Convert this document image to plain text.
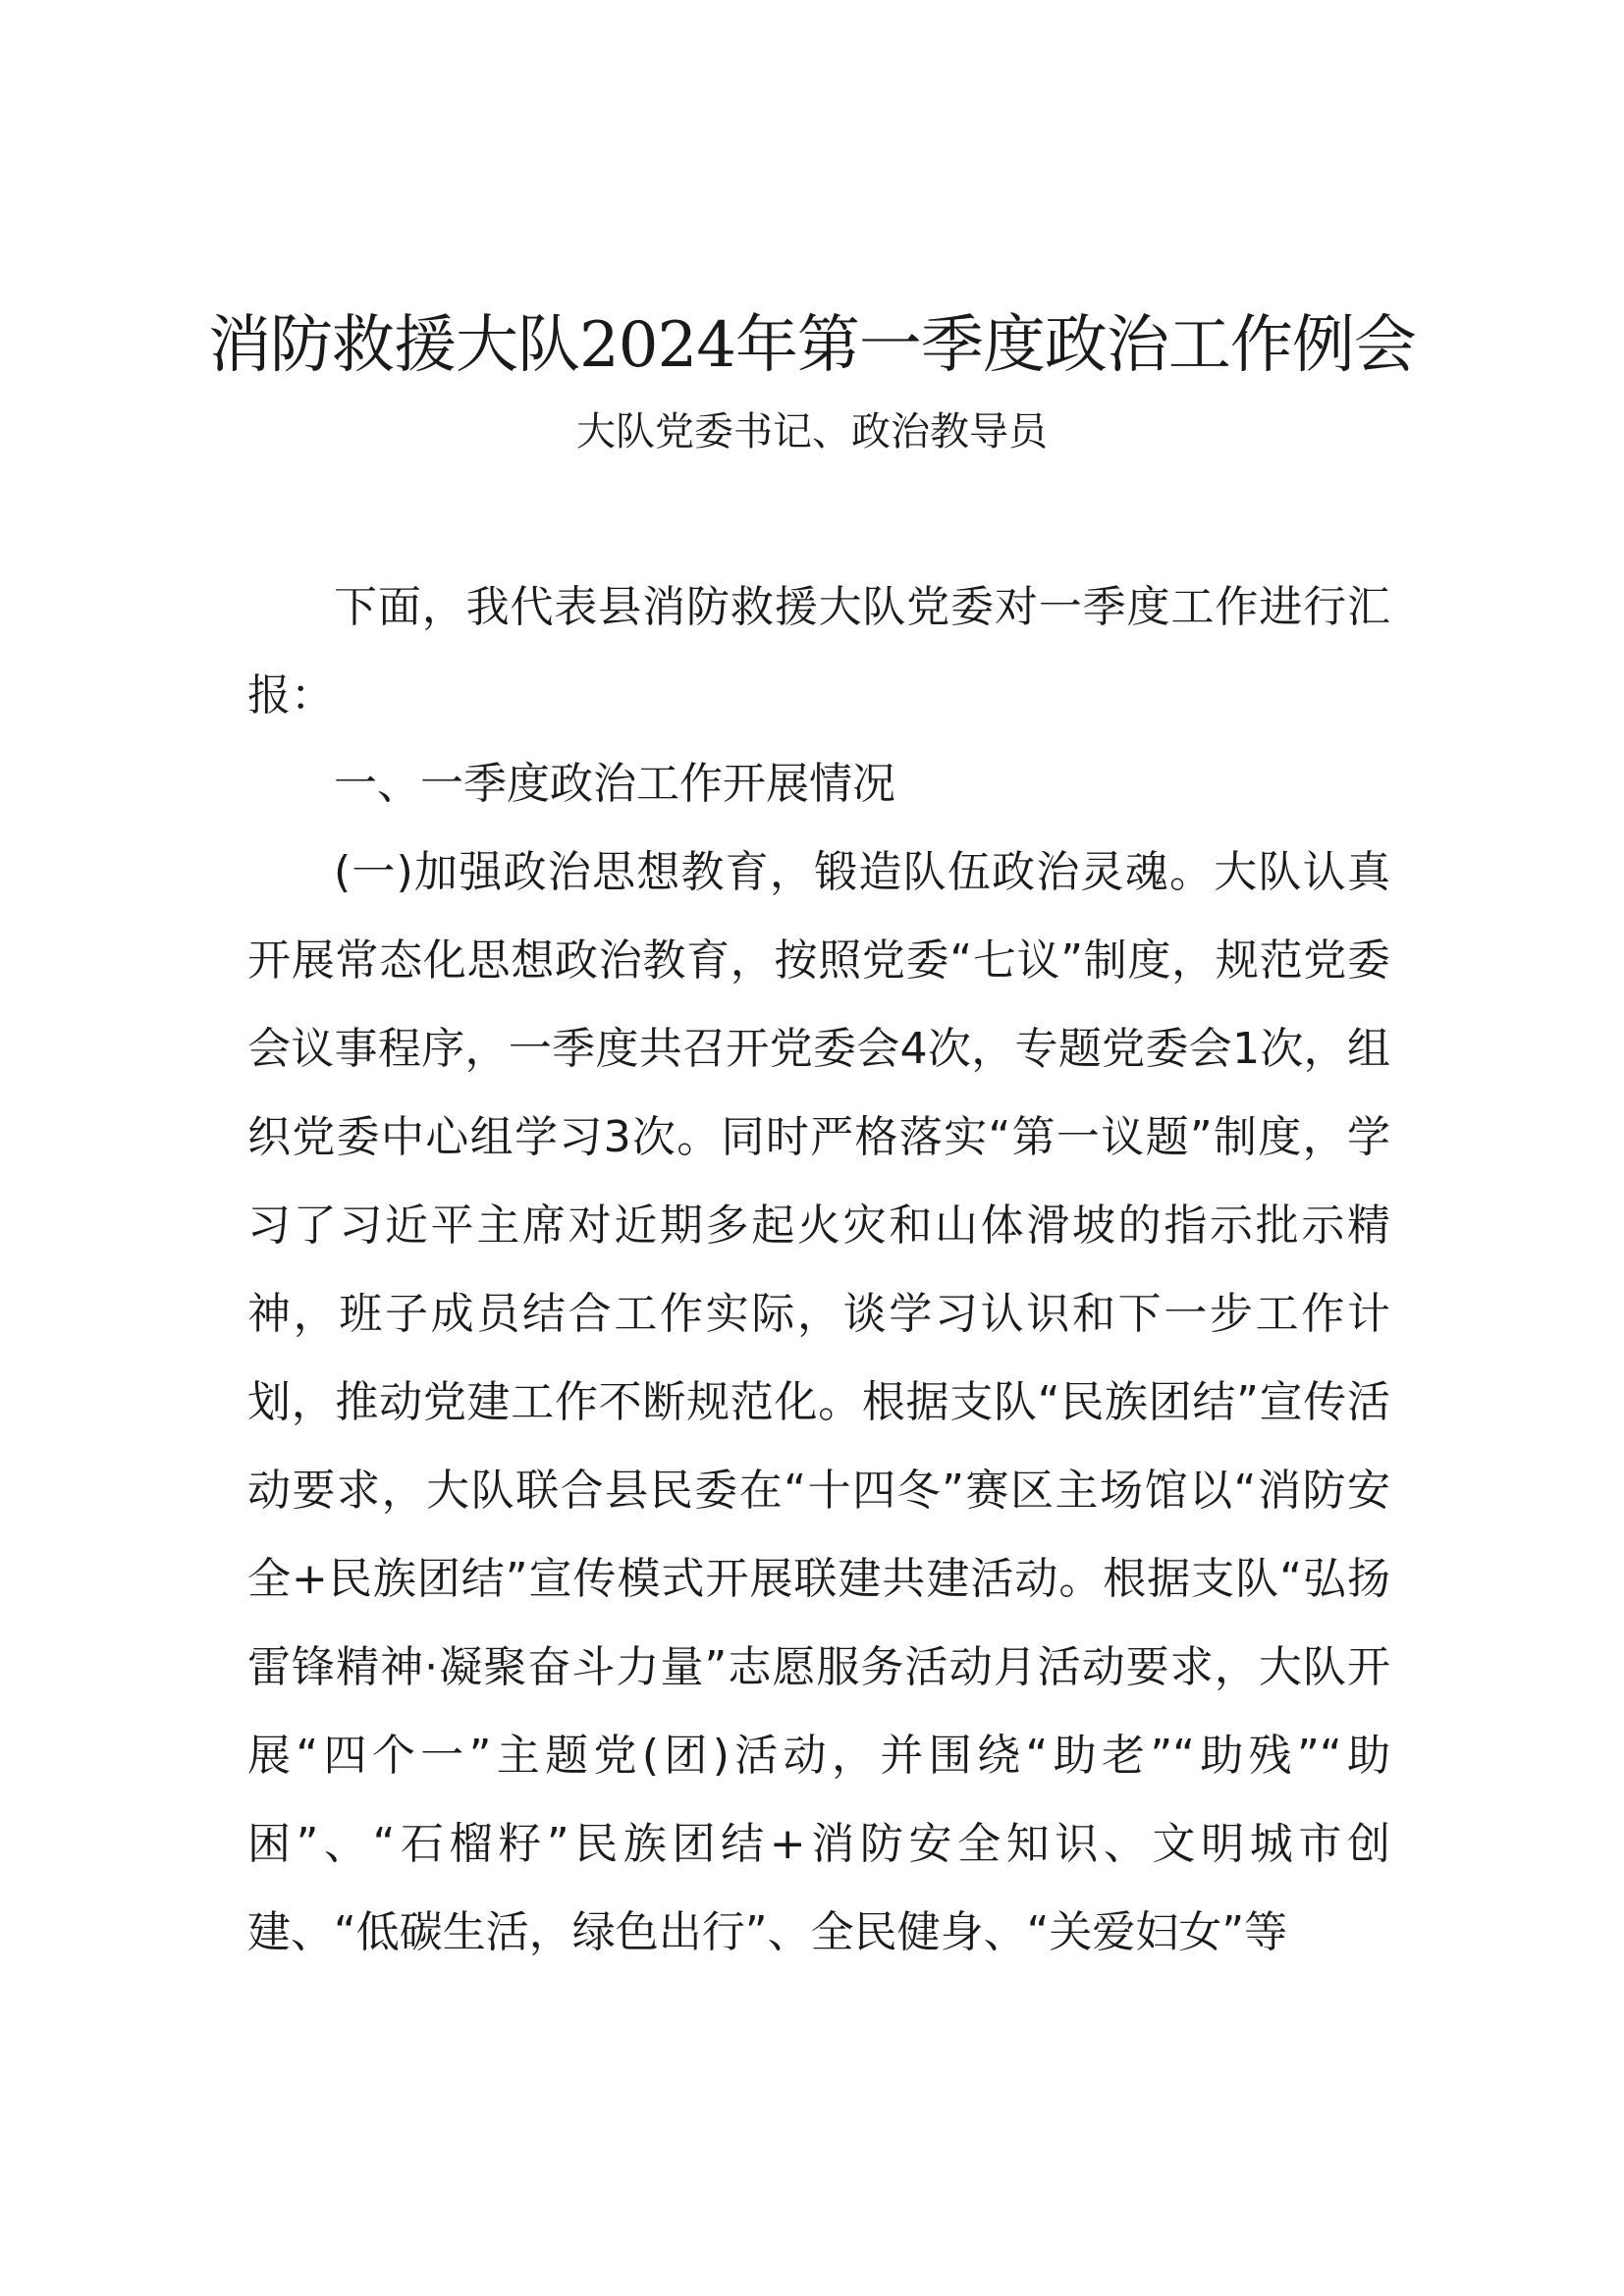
消防救援大队2024年第一季度政治工作例会
大队党委书记、政治教导员

下面，我代表县消防救援大队党委对一季度工作进行汇报：

一、一季度政治工作开展情况

(一)加强政治思想教育，锻造队伍政治灵魂。大队认真开展常态化思想政治教育，按照党委“七议”制度，规范党委会议事程序，一季度共召开党委会4次，专题党委会1次，组织党委中心组学习3次。同时严格落实“第一议题”制度，学习了习近平主席对近期多起火灾和山体滑坡的指示批示精神，班子成员结合工作实际，谈学习认识和下一步工作计划，推动党建工作不断规范化。根据支队“民族团结”宣传活动要求，大队联合县民委在“十四冬”赛区主场馆以“消防安全+民族团结”宣传模式开展联建共建活动。根据支队“弘扬雷锋精神·凝聚奋斗力量”志愿服务活动月活动要求，大队开展“四个一”主题党(团)活动，并围绕“助老”“助残”“助困”、“石榴籽”民族团结+消防安全知识、文明城市创建、“低碳生活，绿色出行”、全民健身、“关爱妇女”等
